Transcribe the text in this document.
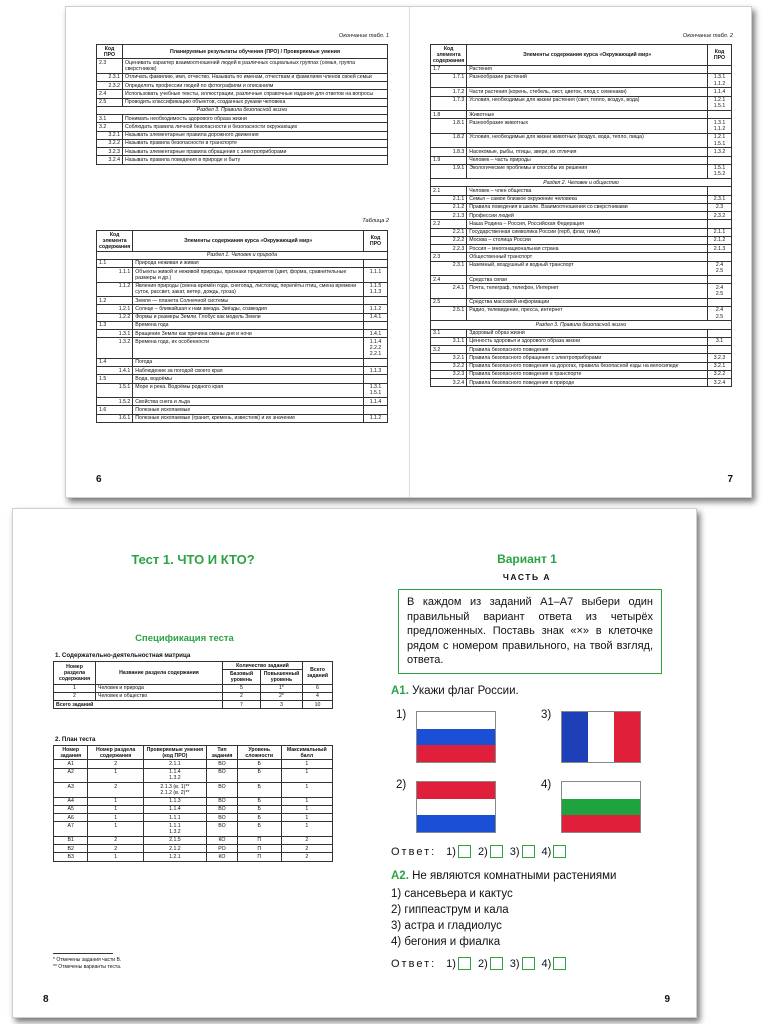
Окончание табл. 1
Код ПРО	Планируемые результаты обучения (ПРО) / Проверяемые умения
2.3	Оценивать характер взаимоотношений людей в различных социальных группах (семья, группа сверстников)
2.3.1	Отличать фамилию, имя, отчество. Называть по именам, отчествам и фамилиям членов своей семьи
2.3.2	Определять профессии людей по фотографиям и описаниям
2.4	Использовать учебные тексты, иллюстрации, различные справочные издания для ответов на вопросы
2.5	Проводить классификацию объектов, созданных руками человека
Раздел 3. Правила безопасной жизни	
3.1	Понимать необходимость здорового образа жизни
3.2	Соблюдать правила личной безопасности и безопасности окружающих
3.2.1	Называть элементарные правила дорожного движения
3.2.2	Называть правила безопасности в транспорте
3.2.3	Называть элементарные правила обращения с электроприборами
3.2.4	Называть правила поведения в природе и быту
Таблица 2
Код элемента содержания	Элементы содержания курса «Окружающий мир»	Код ПРО
Раздел 1. Человек и природа		
1.1	Природа неживая и живая	
1.1.1	Объекты живой и неживой природы, признаки предметов (цвет, форма, сравнительные размеры и др.)	1.1.1
1.1.2	Явления природы (смена времён года, снегопад, листопад, перелёты птиц, смена времени суток, рассвет, закат, ветер, дождь, гроза)	1.1.5
1.1.3
1.2	Земля — планета Солнечной системы	
1.2.1	Солнце – ближайшая к нам звезда. Звёзды, созвездия	1.1.2
1.2.2	Формы и размеры Земли. Глобус как модель Земли	1.4.1
1.3	Времена года	
1.3.1	Вращение Земли как причина смены дня и ночи	1.4.1
1.3.2	Времена года, их особенности	1.1.4
2.2.2
2.2.1
1.4	Погода	
1.4.1	Наблюдение за погодой своего края	1.1.3
1.5	Вода, водоёмы	
1.5.1	Море и река. Водоёмы родного края	1.3.1
1.5.1
1.5.2	Свойства снега и льда	1.1.4
1.6	Полезные ископаемые	
1.6.1	Полезные ископаемые (гранит, кремень, известняк) и их значение	1.1.2
6
Окончание табл. 2
Код элемента содержания	Элементы содержания курса «Окружающий мир»	Код ПРО
1.7	Растения	
1.7.1	Разнообразие растений	1.3.1
1.1.2
1.7.2	Части растения (корень, стебель, лист, цветок, плод с семенами)	1.1.4
1.7.3	Условия, необходимые для жизни растения (свет, тепло, воздух, вода)	1.2.1
1.5.1
1.8	Животные	
1.8.1	Разнообразие животных	1.3.1
1.1.2
1.8.2	Условия, необходимые для жизни животных (воздух, вода, тепло, пища)	1.2.1
1.5.1
1.8.3	Насекомые, рыбы, птицы, звери, их отличия	1.3.2
1.9	Человек – часть природы	
1.9.1	Экологические проблемы и способы их решения	1.5.1
1.5.2
Раздел 2. Человек и общество		
2.1	Человек – член общества	
2.1.1	Семья – самое близкое окружение человека	2.3.1
2.1.2	Правила поведения в школе. Взаимоотношения со сверстниками	2.3
2.1.3	Профессии людей	2.3.2
2.2	Наша Родина – Россия, Российская Федерация	
2.2.1	Государственная символика России (герб, флаг, гимн)	2.1.1
2.2.2	Москва – столица России	2.1.2
2.2.3	Россия – многонациональная страна	2.1.3
2.3	Общественный транспорт	
2.3.1	Наземный, воздушный и водный транспорт	2.4
2.5
2.4	Средства связи	
2.4.1	Почта, телеграф, телефон, Интернет	2.4
2.5
2.5	Средства массовой информации	
2.5.1	Радио, телевидение, пресса, интернет	2.4
2.5
Раздел 3. Правила безопасной жизни		
3.1	Здоровый образ жизни	
3.1.1	Ценность здоровья и здорового образа жизни	3.1
3.2	Правила безопасного поведения	
3.2.1	Правила безопасного обращения с электроприборами	3.2.3
3.2.2	Правила безопасного поведения на дорогах, правила безопасной езды на велосипеде	3.2.1
3.2.3	Правила безопасного поведения в транспорте	3.2.2
3.2.4	Правила безопасного поведения в природе	3.2.4
7
Тест 1. ЧТО И КТО?
Спецификация теста
1. Содержательно-деятельностная матрица
Номер раздела содержания	Название раздела содержания	Количество заданий		Всего заданий
		Базовый уровень	Повышенный уровень	
1	Человек и природа	5	1*	6
2	Человек и общество	2	2*	4
Всего заданий		7	3	10
2. План теста
Номер задания	Номер раздела содержания	Проверяемые умения (код ПРО)	Тип задания	Уровень сложности	Максимальный балл
А1	2	2.1.1	ВО	Б	1
А2	1	1.1.4
1.3.2	ВО	Б	1
А3	2	2.1.3 (в. 1)**
2.1.2 (в. 2)**	ВО	Б	1
А4	1	1.1.3	ВО	Б	1
А5	1	1.1.4	ВО	Б	1
А6	1	1.1.1	ВО	Б	1
А7	1	1.1.1
1.3.2	ВО	Б	1
В1	2	2.1.5	КО	П	2
В2	2	2.1.2	РО	П	2
В3	1	1.2.1	КО	П	2
* Отмечены задания части В.
** Отмечены варианты теста.
8
Вариант 1
ЧАСТЬ А
В каждом из заданий А1–А7 выбери один правильный вариант ответа из четырёх предложенных. Поставь знак «×» в клеточке рядом с номером правильного, на твой взгляд, ответа.
А1. Укажи флаг России.
1)	3)
2)	4)
Ответ: 1) 2) 3) 4)
А2. Не являются комнатными растениями
1) сансевьера и кактус
2) гиппеаструм и кала
3) астра и гладиолус
4) бегония и фиалка
Ответ: 1) 2) 3) 4)
9
